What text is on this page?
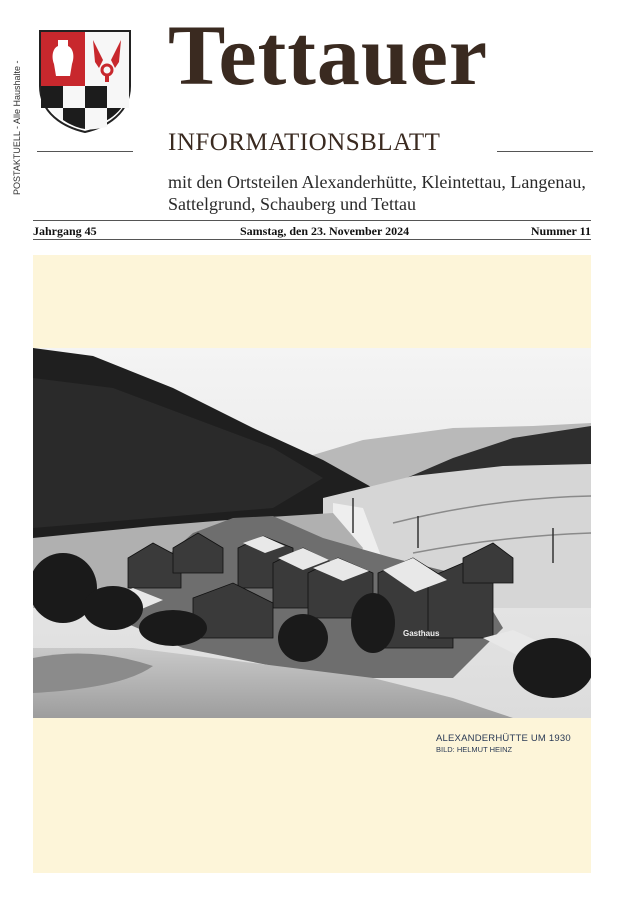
POSTAKTUELL - Alle Haushalte -
Tettauer
INFORMATIONSBLATT
mit den Ortsteilen Alexanderhütte, Kleintettau, Langenau, Sattelgrund, Schauberg und Tettau
Jahrgang 45	Samstag, den 23. November 2024	Nummer 11
Gasthaus
ALEXANDERHÜTTE UM 1930
BILD: HELMUT HEINZ
